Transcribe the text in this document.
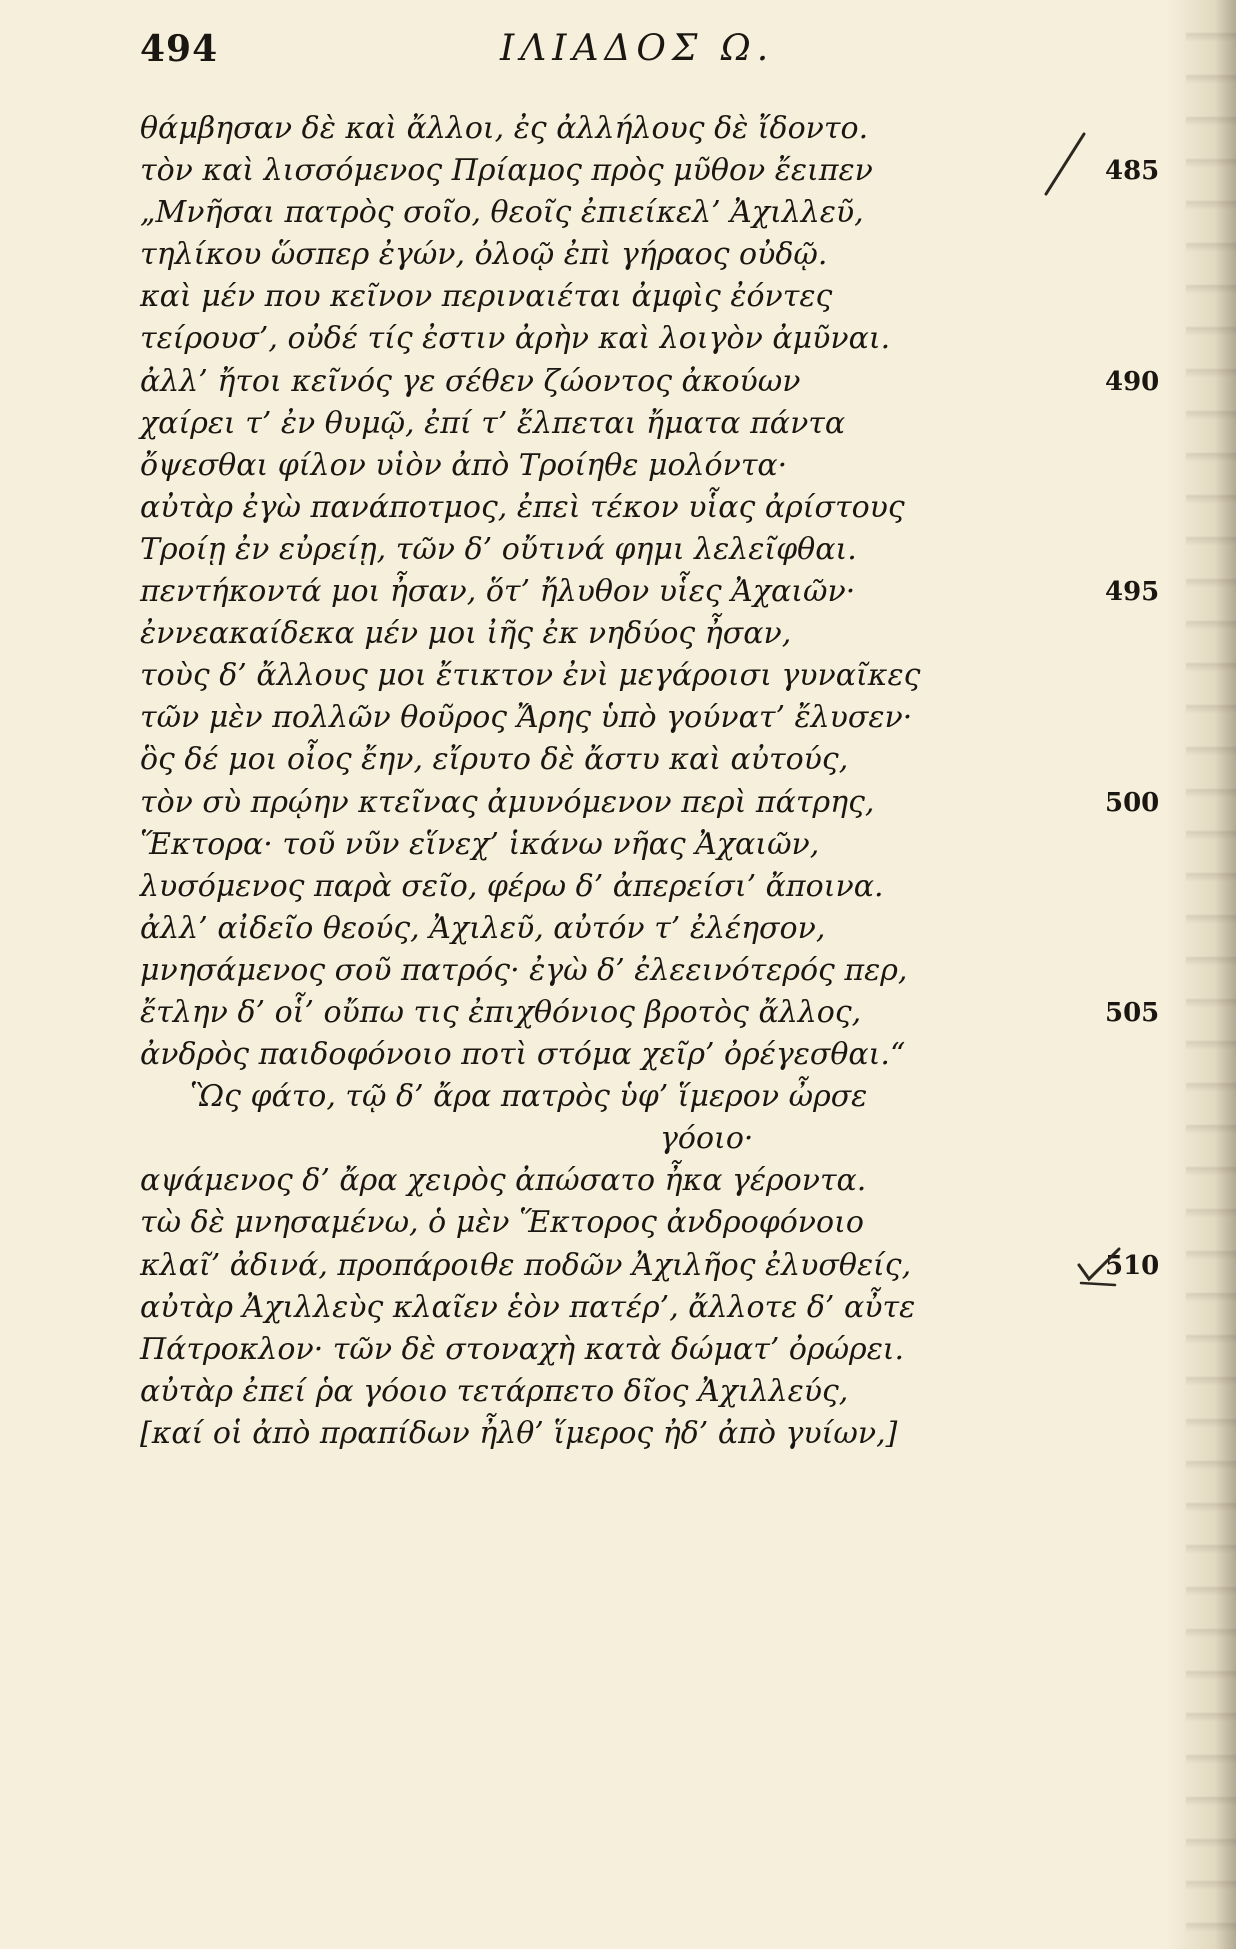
494	ΙΛΙΑΔΟΣ Ω.
θάμβησαν δὲ καὶ ἄλλοι, ἐς ἀλλήλους δὲ ἴδοντο.
τὸν καὶ λισσόμενος Πρίαμος πρὸς μῦθον ἔειπεν	485
„Μνῆσαι πατρὸς σοῖο, θεοῖς ἐπιείκελ’ Ἀχιλλεῦ,
τηλίκου ὥσπερ ἐγών, ὀλοῷ ἐπὶ γήραος οὐδῷ.
καὶ μέν που κεῖνον περιναιέται ἀμφὶς ἐόντες
τείρουσ’, οὐδέ τίς ἐστιν ἀρὴν καὶ λοιγὸν ἀμῦναι.
ἀλλ’ ἤτοι κεῖνός γε σέθεν ζώοντος ἀκούων	490
χαίρει τ’ ἐν θυμῷ, ἐπί τ’ ἔλπεται ἤματα πάντα
ὄψεσθαι φίλον υἱὸν ἀπὸ Τροίηθε μολόντα·
αὐτὰρ ἐγὼ πανάποτμος, ἐπεὶ τέκον υἷας ἀρίστους
Τροίῃ ἐν εὐρείῃ, τῶν δ’ οὔτινά φημι λελεῖφθαι.
πεντήκοντά μοι ἦσαν, ὅτ’ ἤλυθον υἷες Ἀχαιῶν·	495
ἐννεακαίδεκα μέν μοι ἰῆς ἐκ νηδύος ἦσαν,
τοὺς δ’ ἄλλους μοι ἔτικτον ἐνὶ μεγάροισι γυναῖκες
τῶν μὲν πολλῶν θοῦρος Ἄρης ὑπὸ γούνατ’ ἔλυσεν·
ὃς δέ μοι οἶος ἔην, εἴρυτο δὲ ἄστυ καὶ αὐτούς,
τὸν σὺ πρῴην κτεῖνας ἀμυνόμενον περὶ πάτρης,	500
Ἕκτορα· τοῦ νῦν εἵνεχ’ ἱκάνω νῆας Ἀχαιῶν,
λυσόμενος παρὰ σεῖο, φέρω δ’ ἀπερείσι’ ἄποινα.
ἀλλ’ αἰδεῖο θεούς, Ἀχιλεῦ, αὐτόν τ’ ἐλέησον,
μνησάμενος σοῦ πατρός· ἐγὼ δ’ ἐλεεινότερός περ,
ἔτλην δ’ οἷ’ οὔπω τις ἐπιχθόνιος βροτὸς ἄλλος,	505
ἀνδρὸς παιδοφόνοιο ποτὶ στόμα χεῖρ’ ὀρέγεσθαι.“
Ὣς φάτο, τῷ δ’ ἄρα πατρὸς ὑφ’ ἵμερον ὦρσε
γόοιο·
αψάμενος δ’ ἄρα χειρὸς ἀπώσατο ἦκα γέροντα.
τὼ δὲ μνησαμένω, ὁ μὲν Ἕκτορος ἀνδροφόνοιο
κλαῖ’ ἀδινά, προπάροιθε ποδῶν Ἀχιλῆος ἐλυσθείς,	510
αὐτὰρ Ἀχιλλεὺς κλαῖεν ἑὸν πατέρ’, ἄλλοτε δ’ αὖτε
Πάτροκλον· τῶν δὲ στοναχὴ κατὰ δώματ’ ὀρώρει.
αὐτὰρ ἐπεί ῥα γόοιο τετάρπετο δῖος Ἀχιλλεύς,
[καί οἱ ἀπὸ πραπίδων ἦλθ’ ἵμερος ἠδ’ ἀπὸ γυίων,]
